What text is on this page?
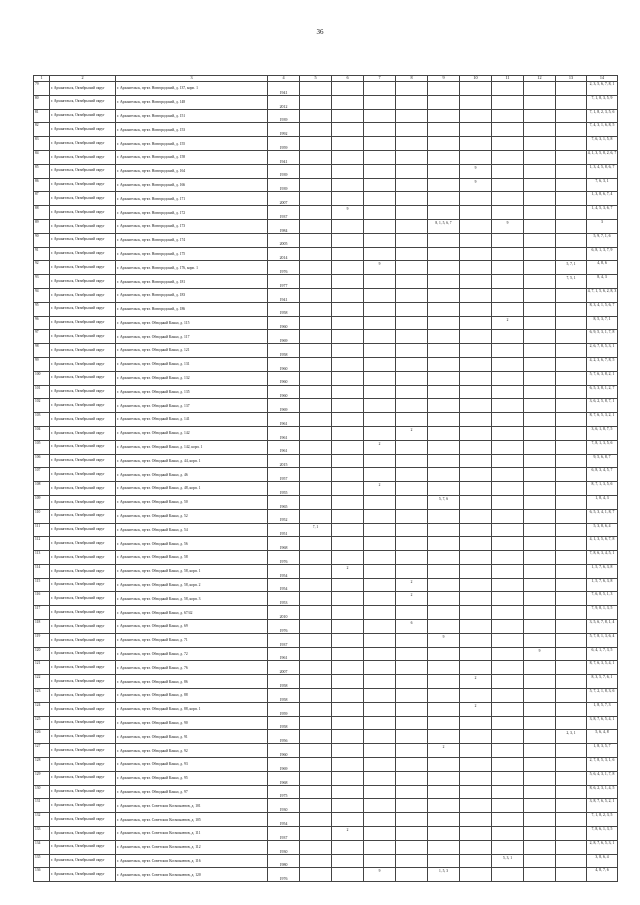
36
1	2	3	4	5	6	7	8	9	10	11	12	13	14
79	г. Архангельск, Октябрьский округ	г. Архангельск, пр-кт. Новгородский, д. 137, корп. 1	1941										2, 3, 5, 6, 7, 8, 1
80	г. Архангельск, Октябрьский округ	г. Архангельск, пр-кт. Новгородский, д. 148	2012										7, 1, 8, 3, 5, 9
81	г. Архангельск, Октябрьский округ	г. Архангельск, пр-кт. Новгородский, д. 151	1939										7, 1, 8, 2, 3, 5, 6
82	г. Архангельск, Октябрьский округ	г. Архангельск, пр-кт. Новгородский, д. 153	1992										7, 4, 3, 1, 6, 8, 5
83	г. Архангельск, Октябрьский округ	г. Архангельск, пр-кт. Новгородский, д. 155	1959										7, 6, 3, 1, 5, 8
84	г. Архангельск, Октябрьский округ	г. Архангельск, пр-кт. Новгородский, д. 158	1941										4, 1, 3, 5, 8, 2, 6, 7
85	г. Архангельск, Октябрьский округ	г. Архангельск, пр-кт. Новгородский, д. 164	1939						9				1, 3, 4, 5, 8, 6, 7
86	г. Архангельск, Октябрьский округ	г. Архангельск, пр-кт. Новгородский, д. 166	1939						9				7, 6, 3, 1
87	г. Архангельск, Октябрьский округ	г. Архангельск, пр-кт. Новгородский, д. 171	2007										1, 3, 8, 6, 7, 4
88	г. Архангельск, Октябрьский округ	г. Архангельск, пр-кт. Новгородский, д. 172	1937		9								1, 4, 5, 3, 6, 7
89	г. Архангельск, Октябрьский округ	г. Архангельск, пр-кт. Новгородский, д. 173	1984					8, 1, 5, 6, 7		9			3
90	г. Архангельск, Октябрьский округ	г. Архангельск, пр-кт. Новгородский, д. 174	2005										5, 9, 7, 1, 6
91	г. Архангельск, Октябрьский округ	г. Архангельск, пр-кт. Новгородский, д. 175	2014										6, 8, 1, 3, 7, 9
92	г. Архангельск, Октябрьский округ	г. Архангельск, пр-кт. Новгородский, д. 176, корп. 1	1976			9						5, 7, 1	4, 8, 6
93	г. Архангельск, Октябрьский округ	г. Архангельск, пр-кт. Новгородский, д. 181	1977									7, 5, 1	8, 4, 3
94	г. Архангельск, Октябрьский округ	г. Архангельск, пр-кт. Новгородский, д. 183	1941										4, 7, 1, 5, 6, 2, 8, 3
95	г. Архангельск, Октябрьский округ	г. Архангельск, пр-кт. Новгородский, д. 186	1958										8, 3, 4, 1, 5, 6, 7
96	г. Архангельск, Октябрьский округ	г. Архангельск, пр-кт. Обводный Канал, д. 115	1960							2			8, 5, 3, 7, 1
97	г. Архангельск, Октябрьский округ	г. Архангельск, пр-кт. Обводный Канал, д. 117	1969										6, 9, 5, 3, 1, 7, 8
98	г. Архангельск, Октябрьский округ	г. Архангельск, пр-кт. Обводный Канал, д. 121	1958										2, 6, 7, 8, 5, 3, 1
99	г. Архангельск, Октябрьский округ	г. Архангельск, пр-кт. Обводный Канал, д. 131	1960										4, 2, 3, 6, 7, 8, 5
100	г. Архангельск, Октябрьский округ	г. Архангельск, пр-кт. Обводный Канал, д. 132	1960										5, 7, 6, 3, 8, 2, 1
101	г. Архангельск, Октябрьский округ	г. Архангельск, пр-кт. Обводный Канал, д. 135	1960										6, 5, 3, 8, 1, 2, 7
102	г. Архангельск, Октябрьский округ	г. Архангельск, пр-кт. Обводный Канал, д. 137	1969										3, 6, 2, 5, 8, 7, 1
103	г. Архангельск, Октябрьский округ	г. Архангельск, пр-кт. Обводный Канал, д. 141	1961										8, 7, 6, 5, 3, 2, 1
104	г. Архангельск, Октябрьский округ	г. Архангельск, пр-кт. Обводный Канал, д. 142	1961				2						3, 6, 1, 8, 7, 5
105	г. Архангельск, Октябрьский округ	г. Архангельск, пр-кт. Обводный Канал, д. 142, корп. 1	1961			2							7, 8, 1, 3, 5, 6
106	г. Архангельск, Октябрьский округ	г. Архангельск, пр-кт. Обводный Канал, д. 44, корп. 1	2015										9, 5, 6, 8, 7
107	г. Архангельск, Октябрьский округ	г. Архангельск, пр-кт. Обводный Канал, д. 46	1957										6, 8, 3, 4, 5, 7
108	г. Архангельск, Октябрьский округ	г. Архангельск, пр-кт. Обводный Канал, д. 48, корп. 1	1955			2							8, 7, 1, 3, 5, 6
109	г. Архангельск, Октябрьский округ	г. Архангельск, пр-кт. Обводный Канал, д. 50	1965					5, 7, 6					1, 8, 4, 3
110	г. Архангельск, Октябрьский округ	г. Архангельск, пр-кт. Обводный Канал, д. 52	1952										6, 5, 3, 4, 1, 8, 7
111	г. Архангельск, Октябрьский округ	г. Архангельск, пр-кт. Обводный Канал, д. 54	1951	7, 1									5, 3, 8, 6, 4
112	г. Архангельск, Октябрьский округ	г. Архангельск, пр-кт. Обводный Канал, д. 56	1968										4, 1, 3, 5, 6, 7, 8
113	г. Архангельск, Октябрьский округ	г. Архангельск, пр-кт. Обводный Канал, д. 58	1976										7, 8, 6, 3, 4, 5, 1
114	г. Архангельск, Октябрьский округ	г. Архангельск, пр-кт. Обводный Канал, д. 58, корп. 1	1954		2								1, 5, 7, 6, 3, 8
115	г. Архангельск, Октябрьский округ	г. Архангельск, пр-кт. Обводный Канал, д. 58, корп. 2	1954				2						1, 5, 7, 6, 3, 8
116	г. Архангельск, Октябрьский округ	г. Архангельск, пр-кт. Обводный Канал, д. 58, корп. 3	1953				2						7, 6, 8, 5, 1, 3
117	г. Архангельск, Октябрьский округ	г. Архангельск, пр-кт. Обводный Канал, д. 67/42	2010										7, 9, 8, 1, 3, 5
118	г. Архангельск, Октябрьский округ	г. Архангельск, пр-кт. Обводный Канал, д. 69	1976				6						3, 5, 6, 7, 8, 1, 4
119	г. Архангельск, Октябрьский округ	г. Архангельск, пр-кт. Обводный Канал, д. 71	1937					9					5, 7, 8, 1, 3, 6, 4
120	г. Архангельск, Октябрьский округ	г. Архангельск, пр-кт. Обводный Канал, д. 72	1961								9		6, 4, 1, 7, 3, 5
121	г. Архангельск, Октябрьский округ	г. Архангельск, пр-кт. Обводный Канал, д. 76	2007										8, 7, 6, 3, 5, 4, 1
122	г. Архангельск, Октябрьский округ	г. Архангельск, пр-кт. Обводный Канал, д. 86	1958						2				8, 3, 5, 7, 6, 1
123	г. Архангельск, Октябрьский округ	г. Архангельск, пр-кт. Обводный Канал, д. 88	1958										5, 7, 2, 1, 8, 3, 6
124	г. Архангельск, Октябрьский округ	г. Архангельск, пр-кт. Обводный Канал, д. 88, корп. 1	1959						2				1, 8, 5, 7, 3
125	г. Архангельск, Октябрьский округ	г. Архангельск, пр-кт. Обводный Канал, д. 90	1958										3, 8, 7, 6, 5, 4, 1
126	г. Архангельск, Октябрьский округ	г. Архангельск, пр-кт. Обводный Канал, д. 91	1956									2, 3, 1	5, 6, 4, 8
127	г. Архангельск, Октябрьский округ	г. Архангельск, пр-кт. Обводный Канал, д. 92	1960					2					1, 8, 3, 5, 7
128	г. Архангельск, Октябрьский округ	г. Архангельск, пр-кт. Обводный Канал, д. 93	1969										2, 7, 8, 5, 3, 1, 6
129	г. Архангельск, Октябрьский округ	г. Архангельск, пр-кт. Обводный Канал, д. 95	1968										5, 6, 4, 3, 1, 7, 8
130	г. Архангельск, Октябрьский округ	г. Архангельск, пр-кт. Обводный Канал, д. 97	1975										8, 6, 2, 3, 1, 4, 5
131	г. Архангельск, Октябрьский округ	г. Архангельск, пр-кт. Советских Космонавтов, д. 101	1930										3, 8, 7, 6, 5, 2, 1
132	г. Архангельск, Октябрьский округ	г. Архангельск, пр-кт. Советских Космонавтов, д. 105	1954										7, 1, 8, 2, 3, 5
133	г. Архангельск, Октябрьский округ	г. Архангельск, пр-кт. Советских Космонавтов, д. 111	1937		2								7, 8, 6, 1, 3, 5
134	г. Архангельск, Октябрьский округ	г. Архангельск, пр-кт. Советских Космонавтов, д. 112	1930										2, 8, 7, 6, 5, 3, 1
135	г. Архангельск, Октябрьский округ	г. Архангельск, пр-кт. Советских Космонавтов, д. 116	1980							5, 3, 1			3, 8, 6, 4
136	г. Архангельск, Октябрьский округ	г. Архангельск, пр-кт. Советских Космонавтов, д. 120	1976			9		1, 5, 3					4, 8, 7, 6
